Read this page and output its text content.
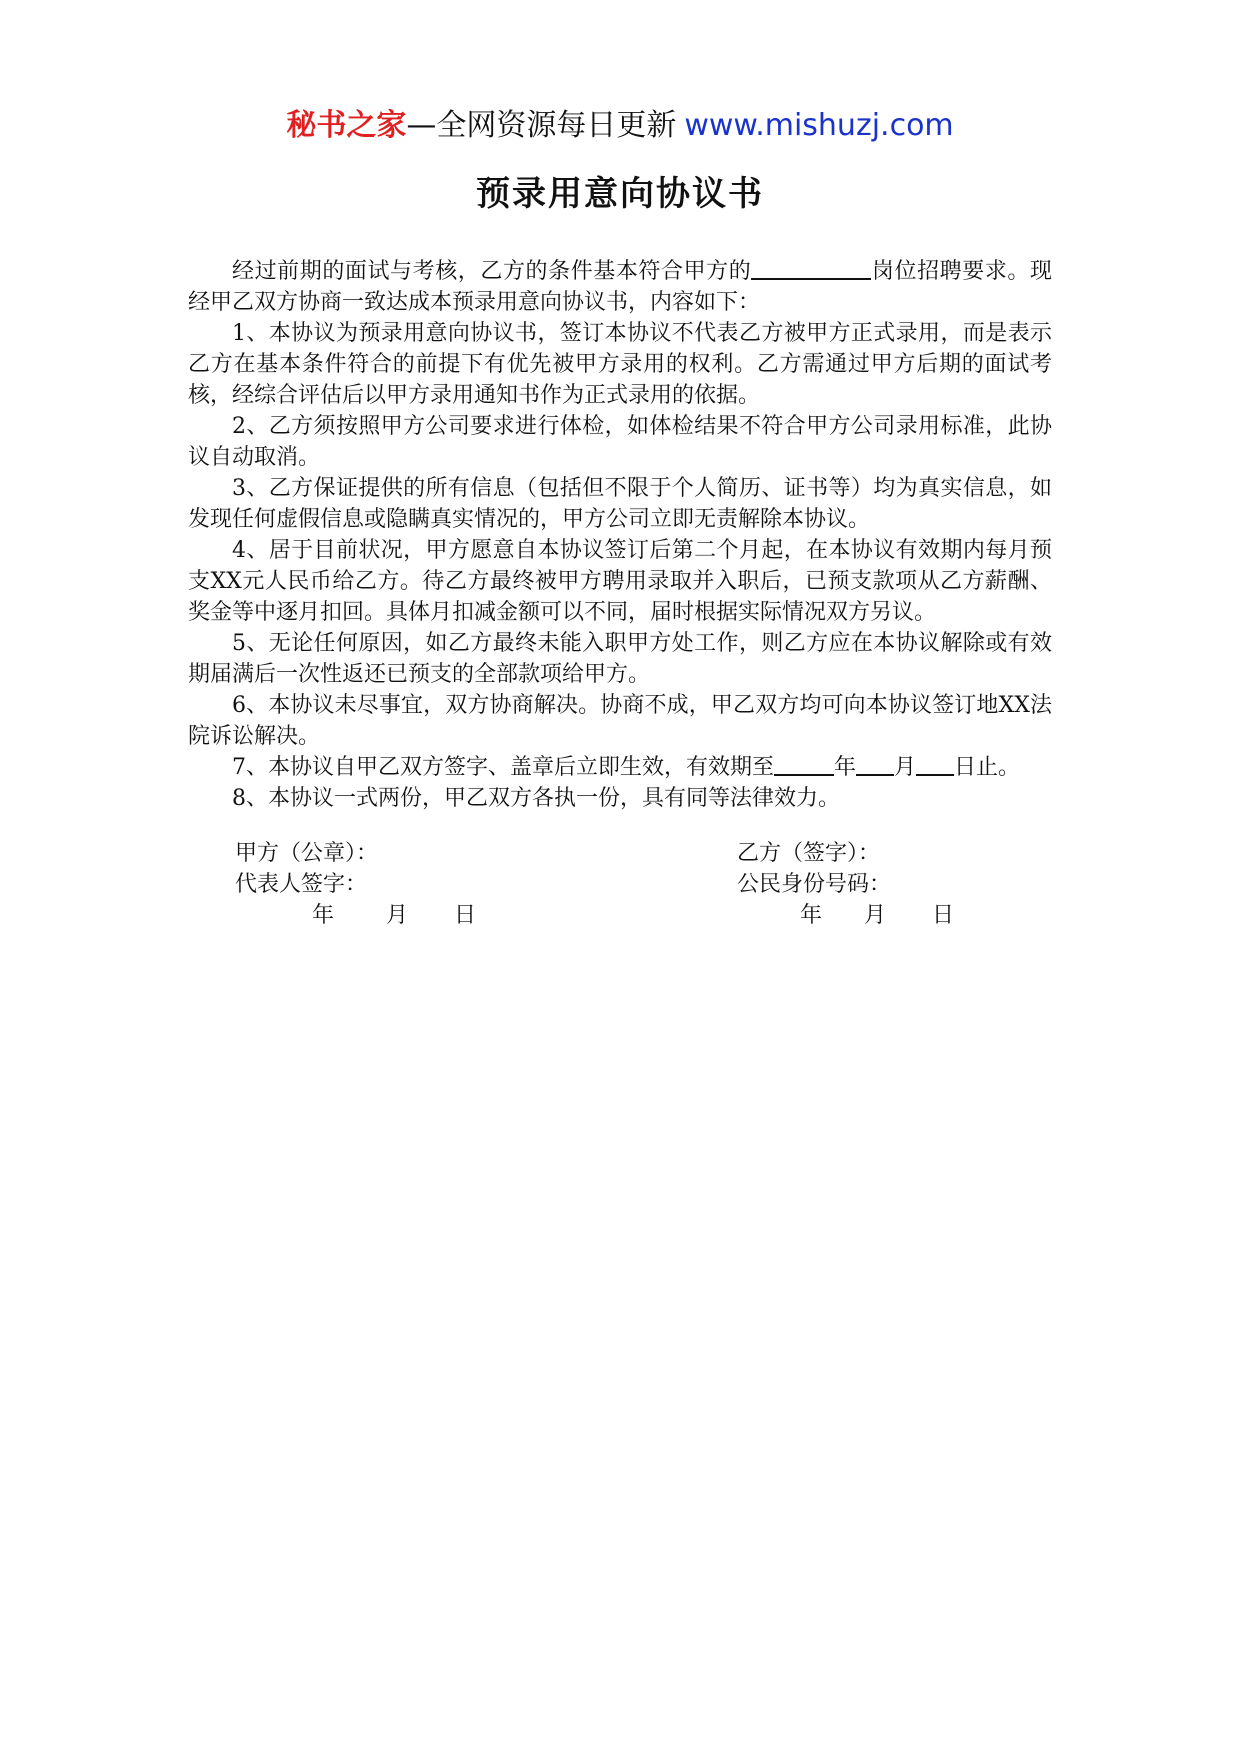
秘书之家—全网资源每日更新 www.mishuzj.com
预录用意向协议书

经过前期的面试与考核，乙方的条件基本符合甲方的	岗位招聘要求。现经甲乙双方协商一致达成本预录用意向协议书，内容如下：

1、本协议为预录用意向协议书，签订本协议不代表乙方被甲方正式录用，而是表示乙方在基本条件符合的前提下有优先被甲方录用的权利。乙方需通过甲方后期的面试考核，经综合评估后以甲方录用通知书作为正式录用的依据。

2、乙方须按照甲方公司要求进行体检，如体检结果不符合甲方公司录用标准，此协议自动取消。

3、乙方保证提供的所有信息（包括但不限于个人简历、证书等）均为真实信息，如发现任何虚假信息或隐瞒真实情况的，甲方公司立即无责解除本协议。

4、居于目前状况，甲方愿意自本协议签订后第二个月起，在本协议有效期内每月预支XX元人民币给乙方。待乙方最终被甲方聘用录取并入职后，已预支款项从乙方薪酬、奖金等中逐月扣回。具体月扣减金额可以不同，届时根据实际情况双方另议。

5、无论任何原因，如乙方最终未能入职甲方处工作，则乙方应在本协议解除或有效期届满后一次性返还已预支的全部款项给甲方。

6、本协议未尽事宜，双方协商解决。协商不成，甲乙双方均可向本协议签订地XX法院诉讼解决。

7、本协议自甲乙双方签字、盖章后立即生效，有效期至	年 月 日止。

8、本协议一式两份，甲乙双方各执一份，具有同等法律效力。

甲方（公章）：
代表人签字：
年 月 日
乙方（签字）：
公民身份号码：
年 月 日
